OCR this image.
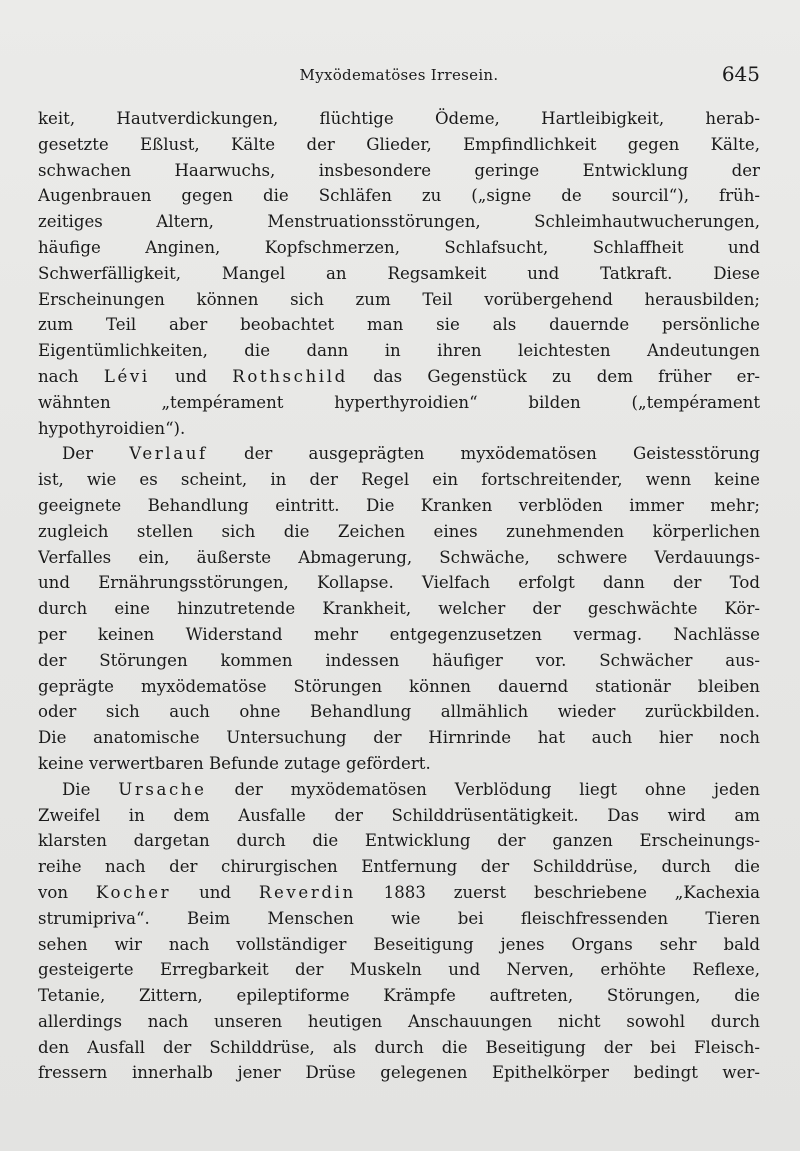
Myxödematöses Irresein.	645
keit, Hautverdickungen, flüchtige Ödeme, Hartleibigkeit, herab-
gesetzte Eßlust, Kälte der Glieder, Empfindlichkeit gegen Kälte,
schwachen Haarwuchs, insbesondere geringe Entwicklung der
Augenbrauen gegen die Schläfen zu („signe de sourcil“), früh-
zeitiges Altern, Menstruationsstörungen, Schleimhautwucherungen,
häufige Anginen, Kopfschmerzen, Schlafsucht, Schlaffheit und
Schwerfälligkeit, Mangel an Regsamkeit und Tatkraft. Diese
Erscheinungen können sich zum Teil vorübergehend herausbilden;
zum Teil aber beobachtet man sie als dauernde persönliche
Eigentümlichkeiten, die dann in ihren leichtesten Andeutungen
nach Lévi und Rothschild das Gegenstück zu dem früher er-
wähnten „tempérament hyperthyroidien“ bilden („tempérament
hypothyroidien“).
Der Verlauf der ausgeprägten myxödematösen Geistesstörung
ist, wie es scheint, in der Regel ein fortschreitender, wenn keine
geeignete Behandlung eintritt. Die Kranken verblöden immer mehr;
zugleich stellen sich die Zeichen eines zunehmenden körperlichen
Verfalles ein, äußerste Abmagerung, Schwäche, schwere Verdauungs-
und Ernährungsstörungen, Kollapse. Vielfach erfolgt dann der Tod
durch eine hinzutretende Krankheit, welcher der geschwächte Kör-
per keinen Widerstand mehr entgegenzusetzen vermag. Nachlässe
der Störungen kommen indessen häufiger vor. Schwächer aus-
geprägte myxödematöse Störungen können dauernd stationär bleiben
oder sich auch ohne Behandlung allmählich wieder zurückbilden.
Die anatomische Untersuchung der Hirnrinde hat auch hier noch
keine verwertbaren Befunde zutage gefördert.
Die Ursache der myxödematösen Verblödung liegt ohne jeden
Zweifel in dem Ausfalle der Schilddrüsentätigkeit. Das wird am
klarsten dargetan durch die Entwicklung der ganzen Erscheinungs-
reihe nach der chirurgischen Entfernung der Schilddrüse, durch die
von Kocher und Reverdin 1883 zuerst beschriebene „Kachexia
strumipriva“. Beim Menschen wie bei fleischfressenden Tieren
sehen wir nach vollständiger Beseitigung jenes Organs sehr bald
gesteigerte Erregbarkeit der Muskeln und Nerven, erhöhte Reflexe,
Tetanie, Zittern, epileptiforme Krämpfe auftreten, Störungen, die
allerdings nach unseren heutigen Anschauungen nicht sowohl durch
den Ausfall der Schilddrüse, als durch die Beseitigung der bei Fleisch-
fressern innerhalb jener Drüse gelegenen Epithelkörper bedingt wer-
